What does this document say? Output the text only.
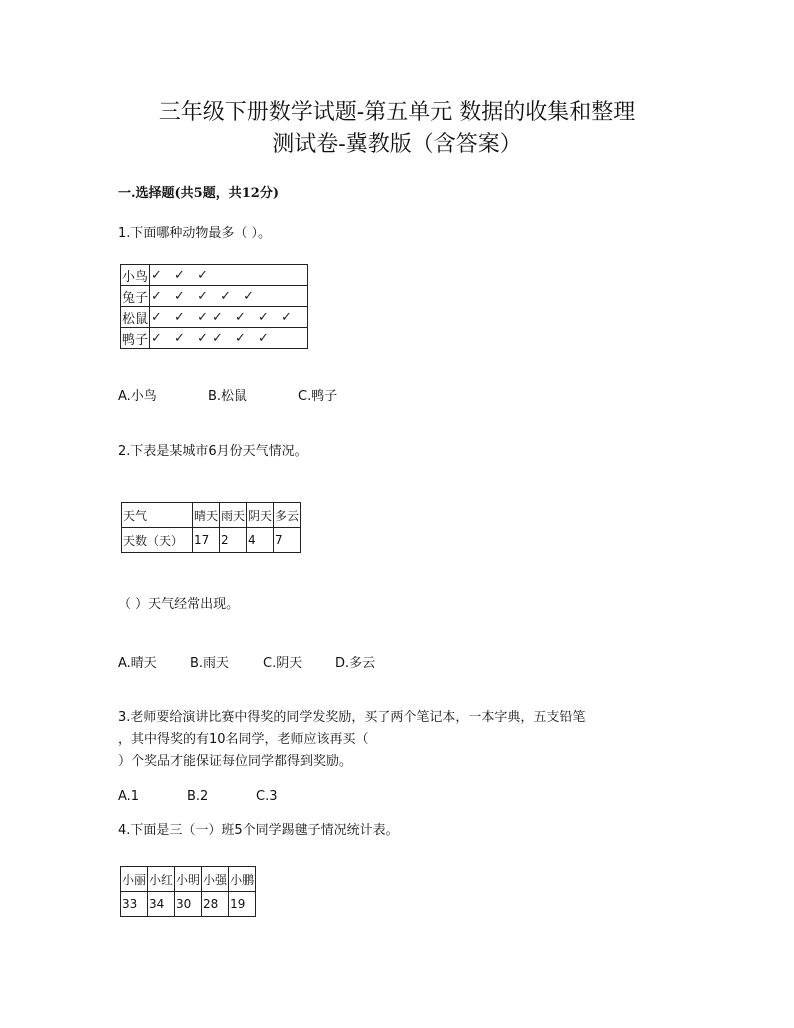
三年级下册数学试题-第五单元 数据的收集和整理
测试卷-冀教版（含答案）
一.选择题(共5题，共12分)
1.下面哪种动物最多（ ）。
小鸟	✓ ✓ ✓
兔子	✓ ✓ ✓ ✓ ✓
松鼠	✓ ✓ ✓✓ ✓ ✓ ✓
鸭子	✓ ✓ ✓✓ ✓ ✓
A.小鸟	B.松鼠	C.鸭子
2.下表是某城市6月份天气情况。
天气	晴天	雨天	阴天	多云
天数（天）	17	2	4	7
（ ）天气经常出现。
A.晴天	B.雨天	C.阴天	D.多云
3.老师要给演讲比赛中得奖的同学发奖励，买了两个笔记本，一本字典，五支铅笔
，其中得奖的有10名同学，老师应该再买（
）个奖品才能保证每位同学都得到奖励。
A.1	B.2	C.3
4.下面是三（一）班5个同学踢毽子情况统计表。
小丽	小红	小明	小强	小鹏
33	34	30	28	19
